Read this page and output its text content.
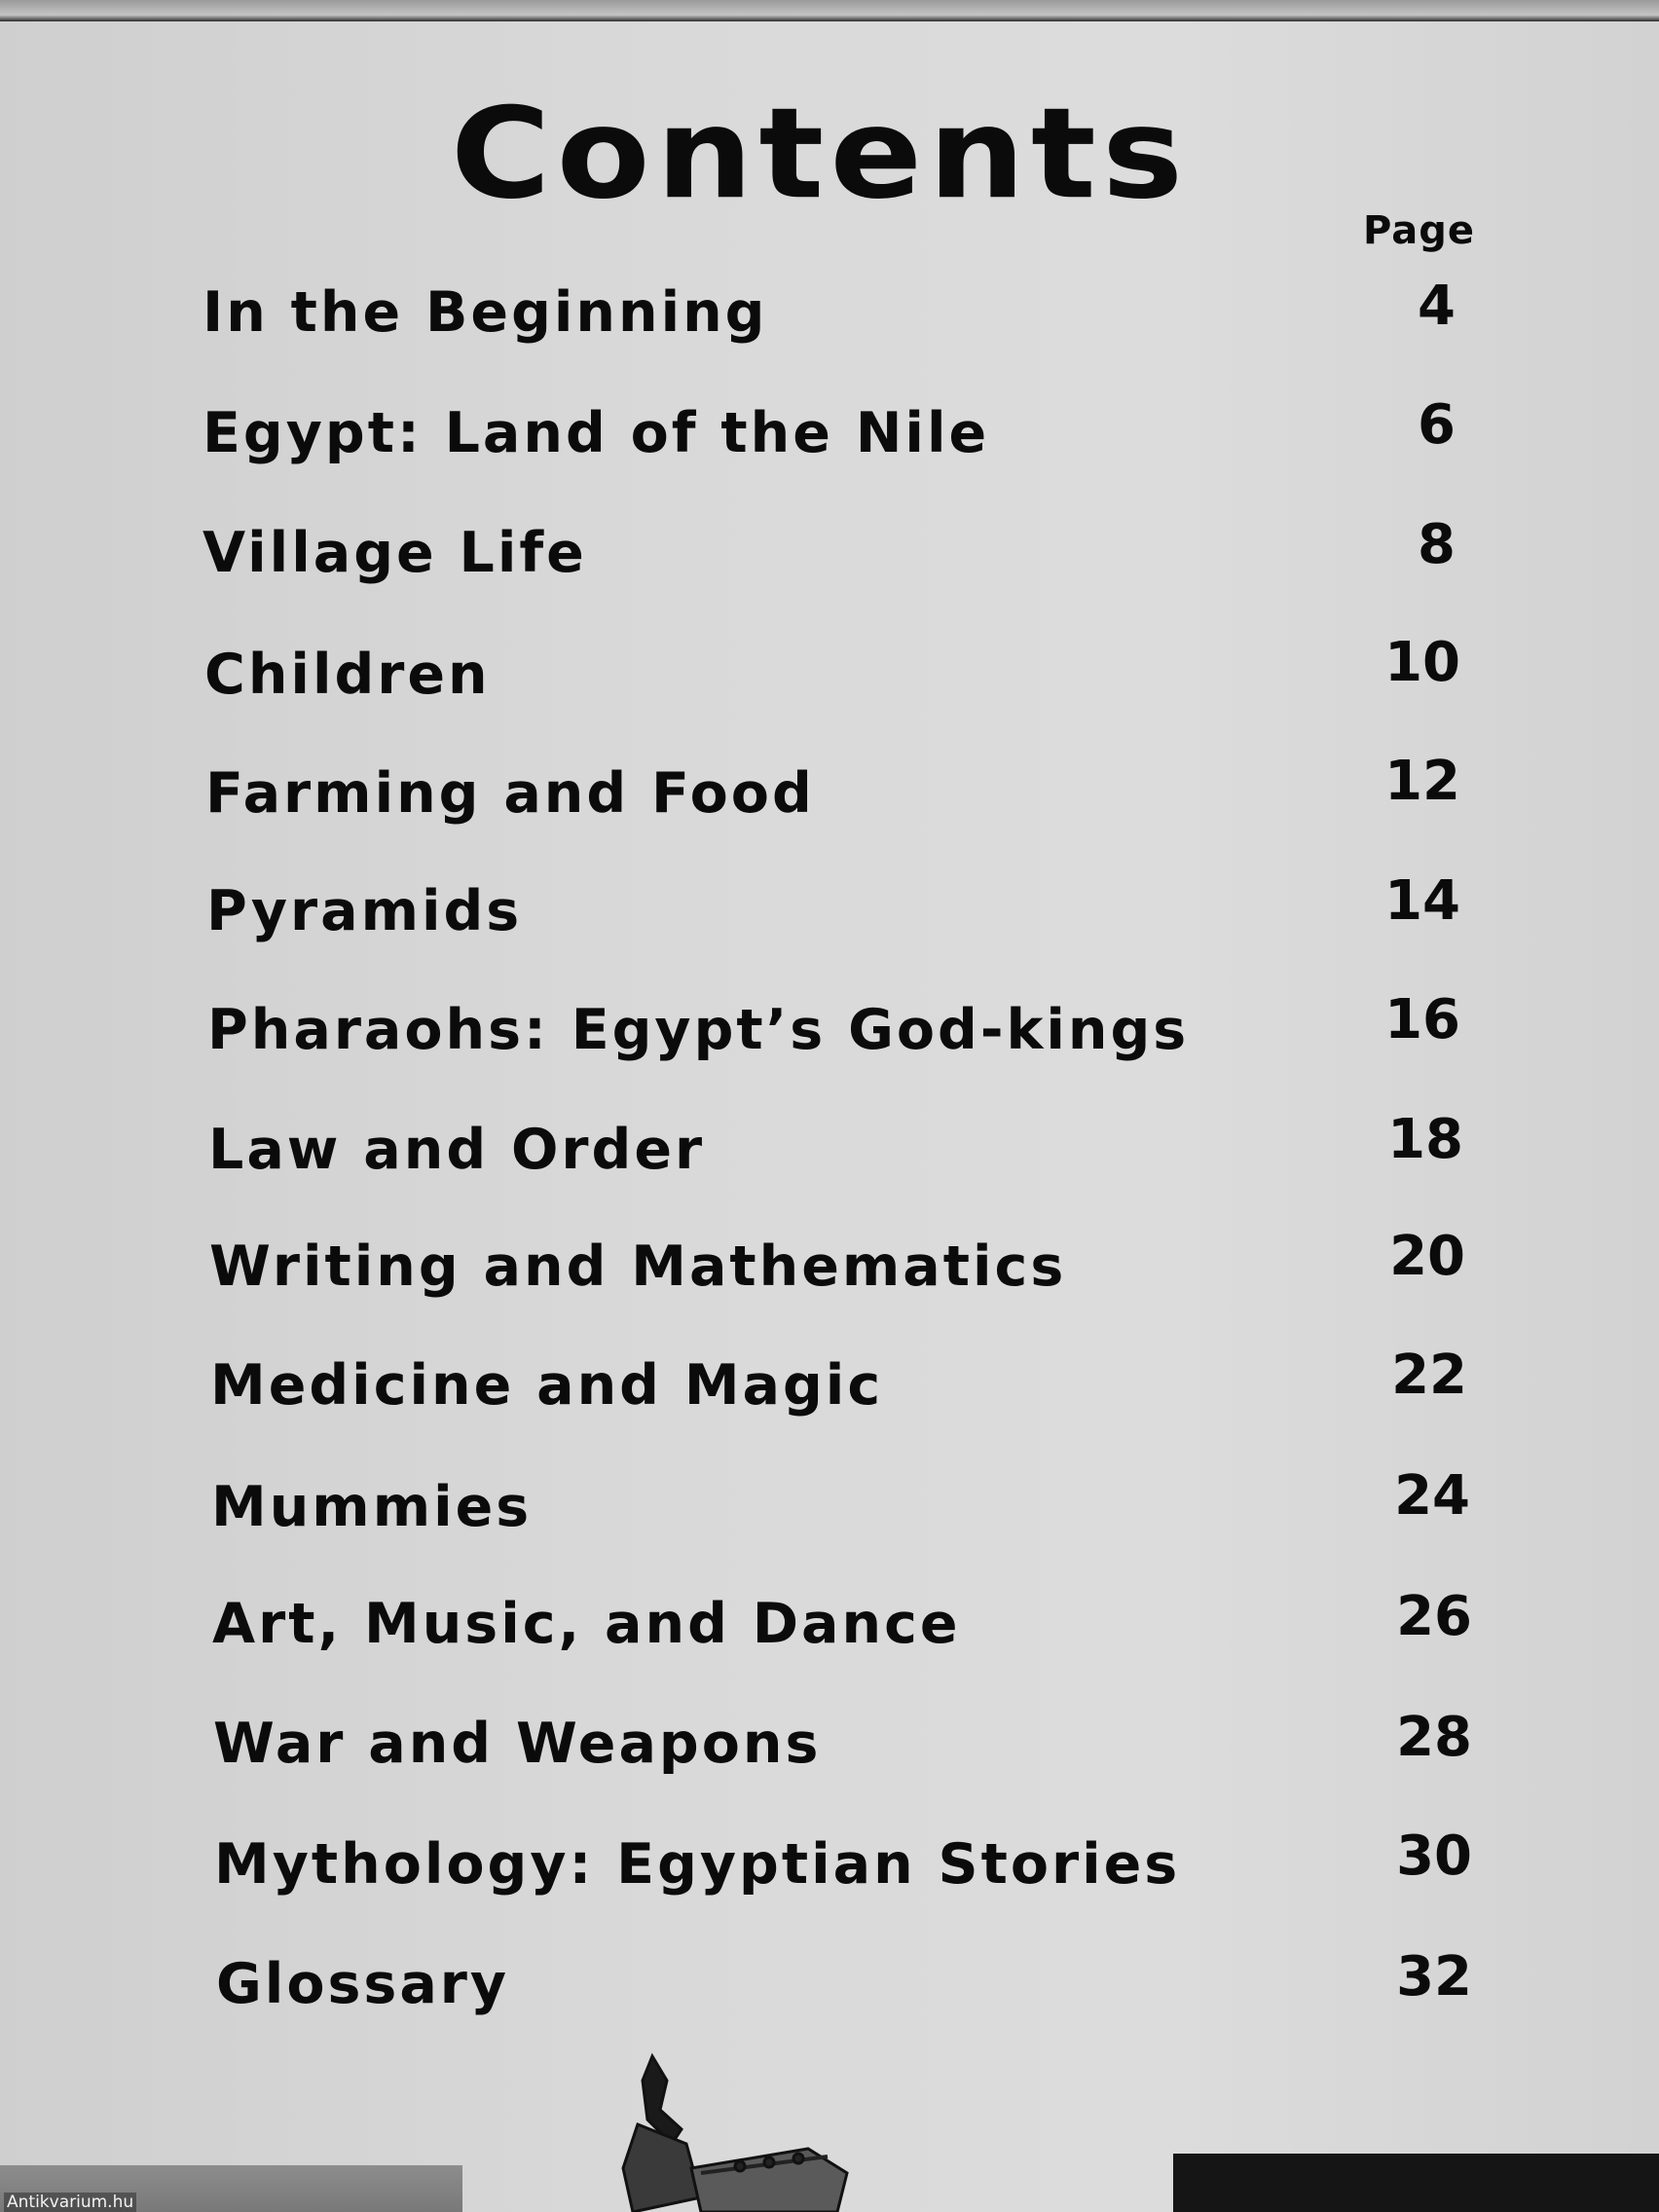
Contents
Page
In the Beginning	4
Egypt: Land of the Nile	6
Village Life	8
Children	10
Farming and Food	12
Pyramids	14
Pharaohs: Egypt’s God-kings	16
Law and Order	18
Writing and Mathematics	20
Medicine and Magic	22
Mummies	24
Art, Music, and Dance	26
War and Weapons	28
Mythology: Egyptian Stories	30
Glossary	32
Antikvarium.hu
